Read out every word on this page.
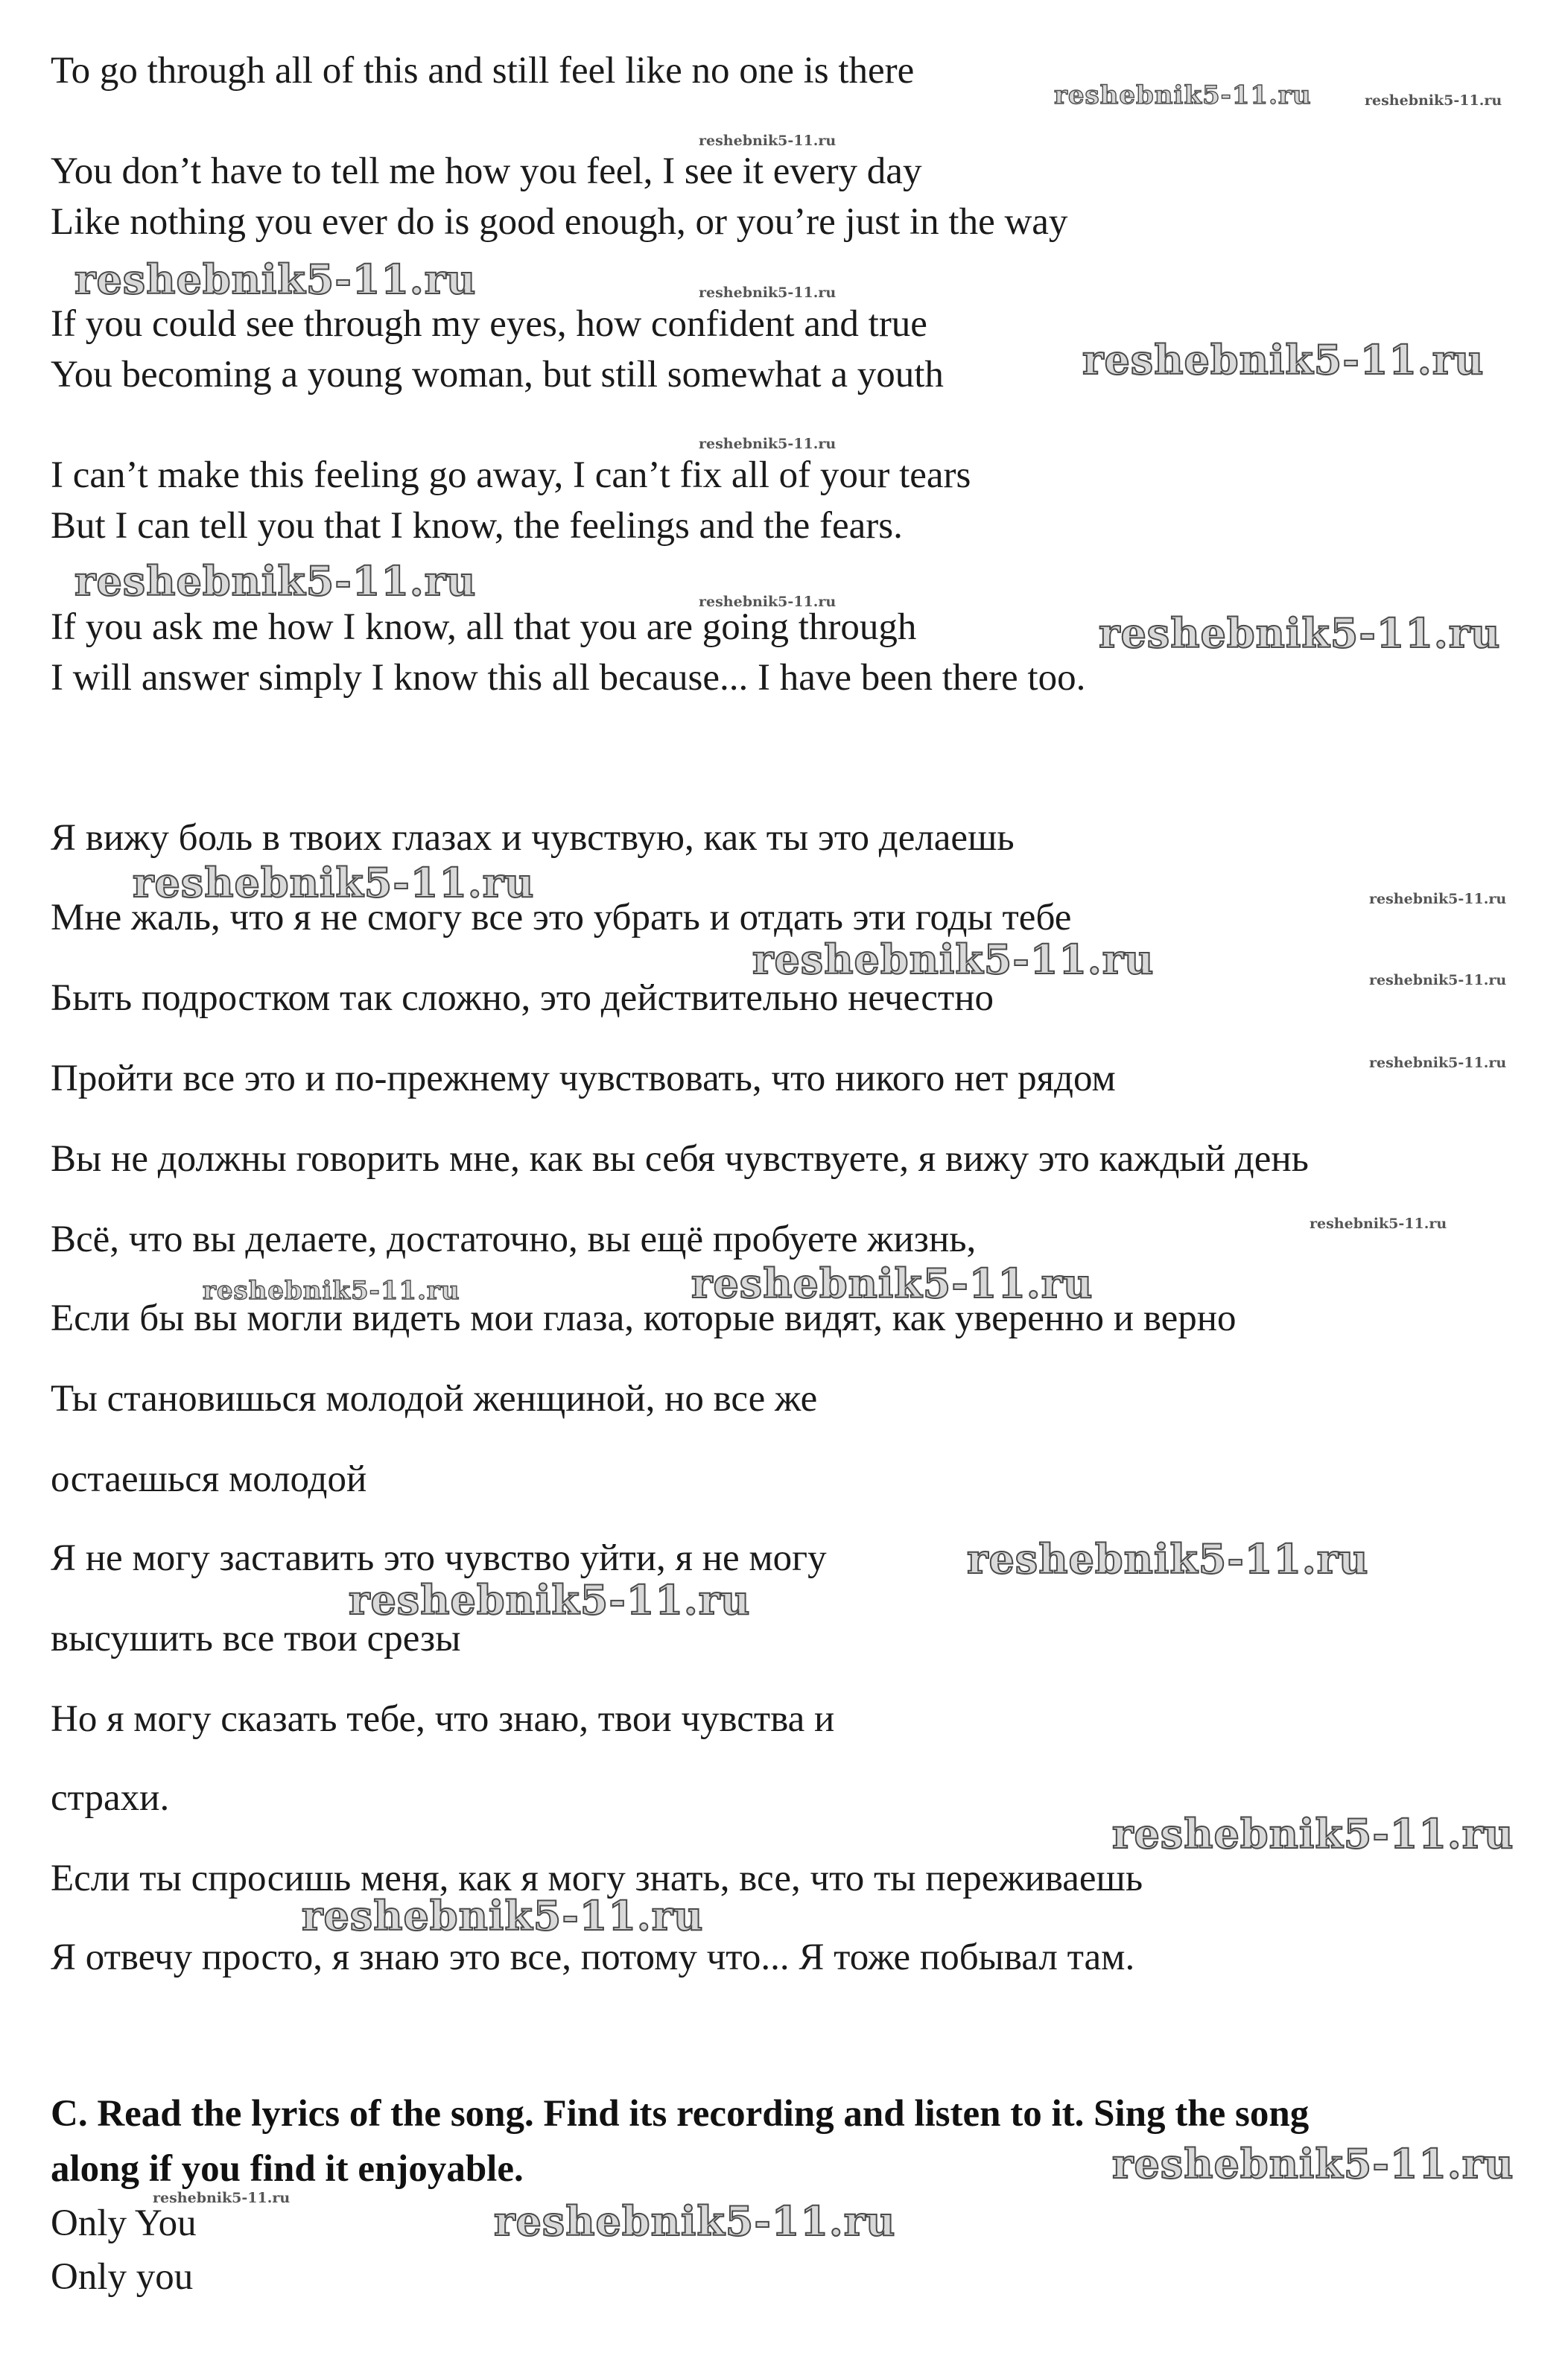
To go through all of this and still feel like no one is there
You don’t have to tell me how you feel, I see it every day
Like nothing you ever do is good enough, or you’re just in the way
If you could see through my eyes, how confident and true
You becoming a young woman, but still somewhat a youth
I can’t make this feeling go away, I can’t fix all of your tears
But I can tell you that I know, the feelings and the fears.
If you ask me how I know, all that you are going through
I will answer simply I know this all because... I have been there too.
Я вижу боль в твоих глазах и чувствую, как ты это делаешь
Мне жаль, что я не смогу все это убрать и отдать эти годы тебе
Быть подростком так сложно, это действительно нечестно
Пройти все это и по-прежнему чувствовать, что никого нет рядом
Вы не должны говорить мне, как вы себя чувствуете, я вижу это каждый день
Всё, что вы делаете, достаточно, вы ещё пробуете жизнь,
Если бы вы могли видеть мои глаза, которые видят, как уверенно и верно
Ты становишься молодой женщиной, но все же
остаешься молодой
Я не могу заставить это чувство уйти, я не могу
высушить все твои срезы
Но я могу сказать тебе, что знаю, твои чувства и
страхи.
Если ты спросишь меня, как я могу знать, все, что ты переживаешь
Я отвечу просто, я знаю это все, потому что... Я тоже побывал там.
C. Read the lyrics of the song. Find its recording and listen to it. Sing the song
along if you find it enjoyable.
Only You
Only you
reshebnik5-11.ru	reshebnik5-11.ru
reshebnik5-11.ru
reshebnik5-11.ru	reshebnik5-11.ru
reshebnik5-11.ru
reshebnik5-11.ru
reshebnik5-11.ru	reshebnik5-11.ru
reshebnik5-11.ru
reshebnik5-11.ru	reshebnik5-11.ru
reshebnik5-11.ru	reshebnik5-11.ru
reshebnik5-11.ru
reshebnik5-11.ru
reshebnik5-11.ru	reshebnik5-11.ru
reshebnik5-11.ru
reshebnik5-11.ru
reshebnik5-11.ru
reshebnik5-11.ru
reshebnik5-11.ru
reshebnik5-11.ru	reshebnik5-11.ru
